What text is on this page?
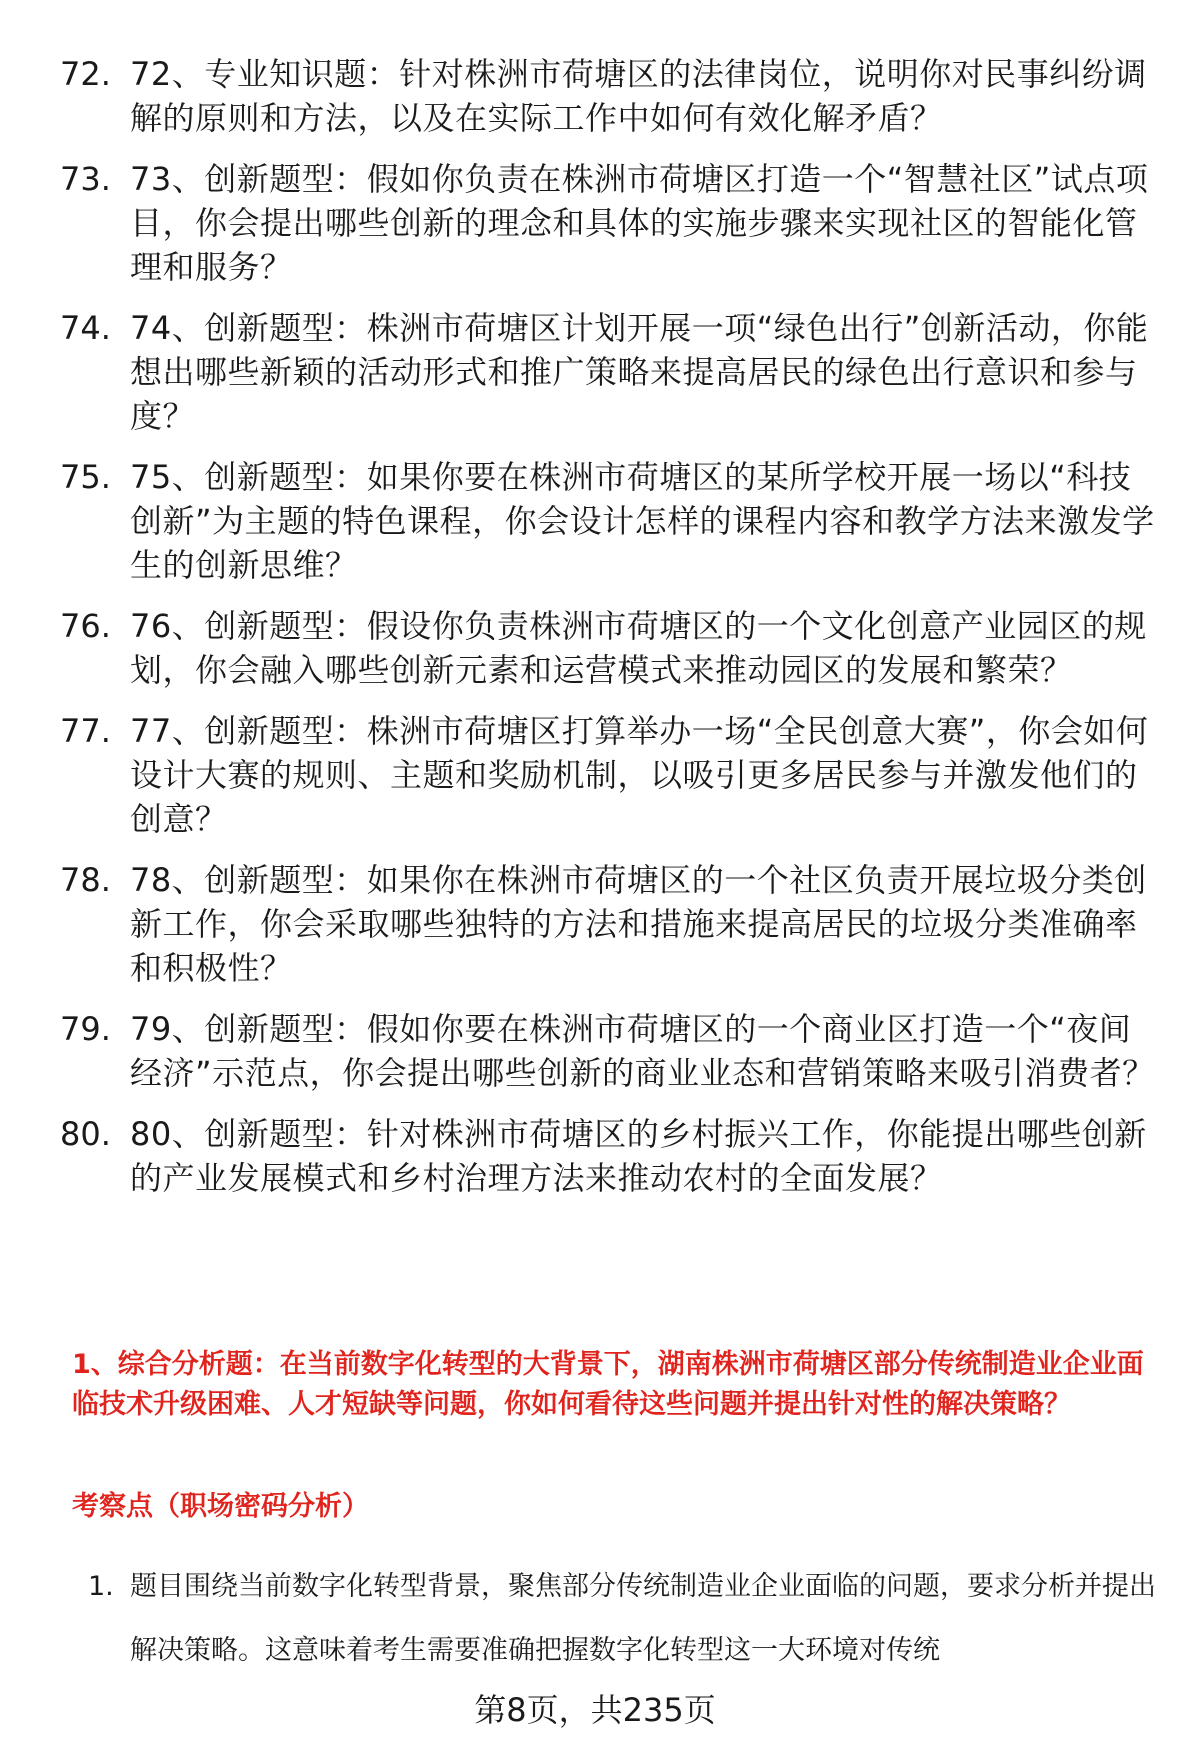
72. 72、专业知识题：针对株洲市荷塘区的法律岗位，说明你对民事纠纷调解的原则和方法，以及在实际工作中如何有效化解矛盾？
73. 73、创新题型：假如你负责在株洲市荷塘区打造一个“智慧社区”试点项目，你会提出哪些创新的理念和具体的实施步骤来实现社区的智能化管理和服务？
74. 74、创新题型：株洲市荷塘区计划开展一项“绿色出行”创新活动，你能想出哪些新颖的活动形式和推广策略来提高居民的绿色出行意识和参与度？
75. 75、创新题型：如果你要在株洲市荷塘区的某所学校开展一场以“科技创新”为主题的特色课程，你会设计怎样的课程内容和教学方法来激发学生的创新思维？
76. 76、创新题型：假设你负责株洲市荷塘区的一个文化创意产业园区的规划，你会融入哪些创新元素和运营模式来推动园区的发展和繁荣？
77. 77、创新题型：株洲市荷塘区打算举办一场“全民创意大赛”，你会如何设计大赛的规则、主题和奖励机制，以吸引更多居民参与并激发他们的创意？
78. 78、创新题型：如果你在株洲市荷塘区的一个社区负责开展垃圾分类创新工作，你会采取哪些独特的方法和措施来提高居民的垃圾分类准确率和积极性？
79. 79、创新题型：假如你要在株洲市荷塘区的一个商业区打造一个“夜间经济”示范点，你会提出哪些创新的商业业态和营销策略来吸引消费者？
80. 80、创新题型：针对株洲市荷塘区的乡村振兴工作，你能提出哪些创新的产业发展模式和乡村治理方法来推动农村的全面发展？
1、综合分析题：在当前数字化转型的大背景下，湖南株洲市荷塘区部分传统制造业企业面临技术升级困难、人才短缺等问题，你如何看待这些问题并提出针对性的解决策略？
考察点（职场密码分析）
1. 题目围绕当前数字化转型背景，聚焦部分传统制造业企业面临的问题，要求分析并提出解决策略。这意味着考生需要准确把握数字化转型这一大环境对传统
第8页，共235页
